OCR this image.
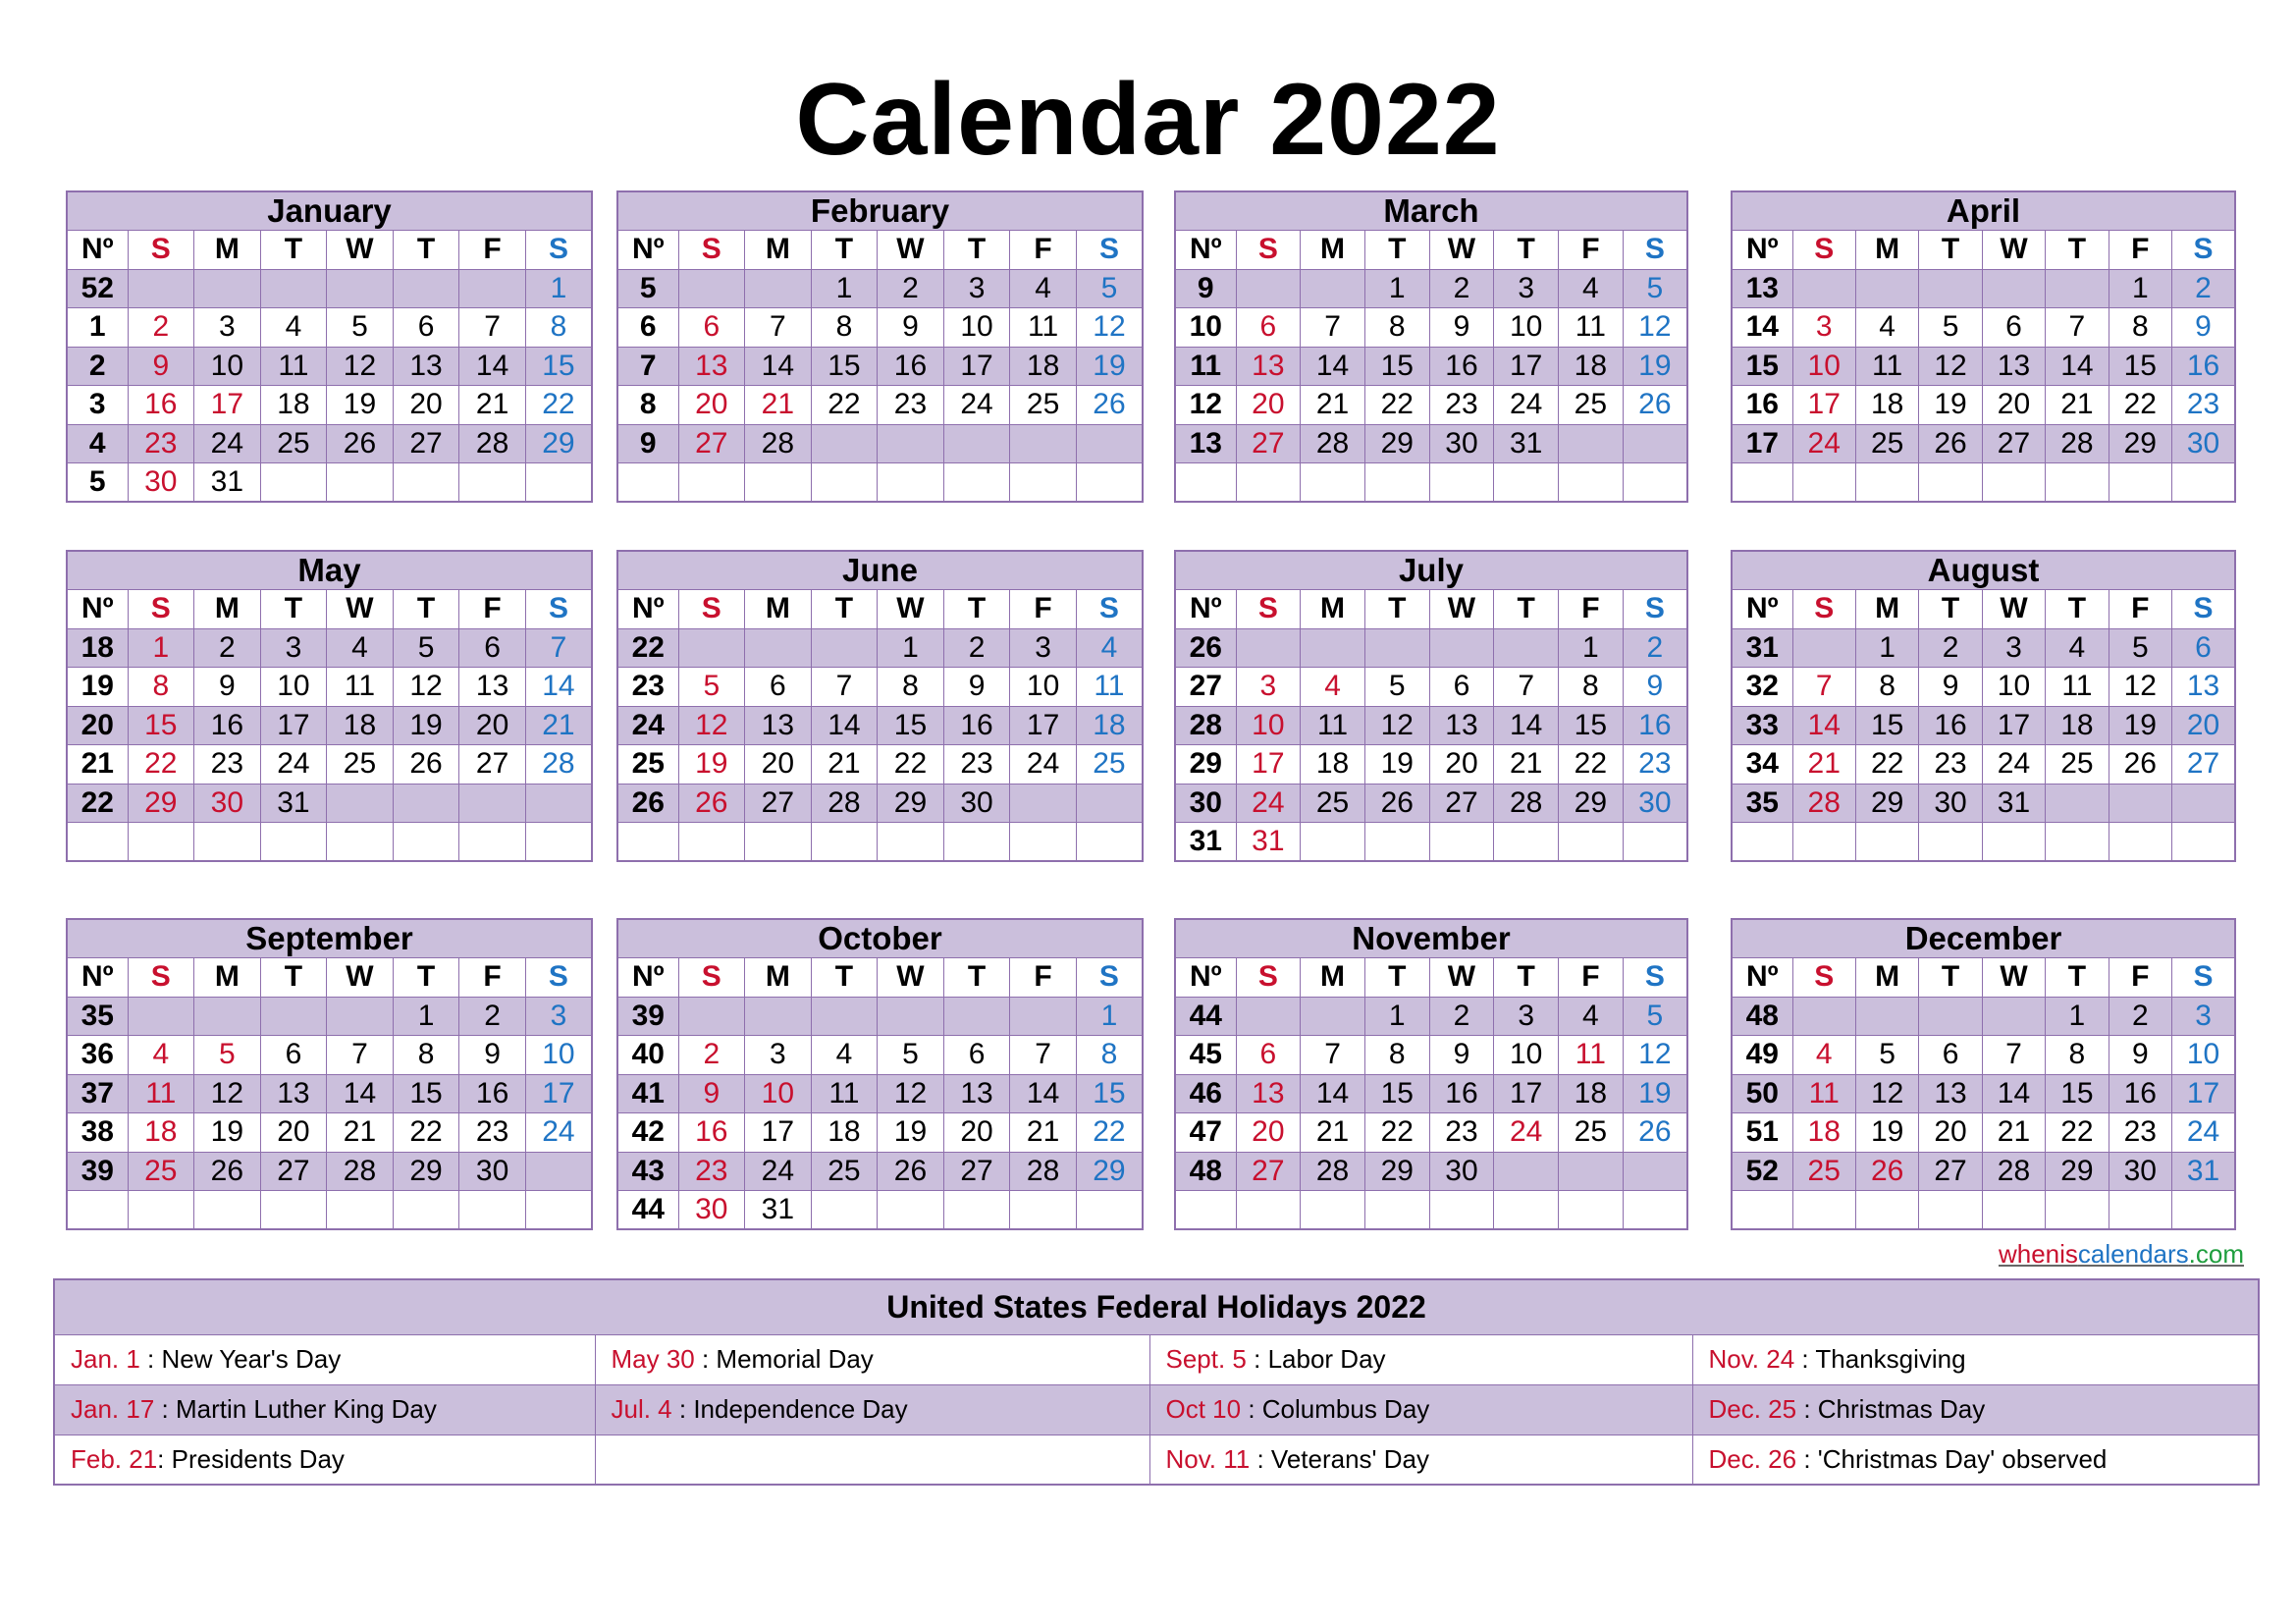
Calendar 2022
January							
Nº	S	M	T	W	T	F	S
52							1
1	2	3	4	5	6	7	8
2	9	10	11	12	13	14	15
3	16	17	18	19	20	21	22
4	23	24	25	26	27	28	29
5	30	31					
February							
Nº	S	M	T	W	T	F	S
5			1	2	3	4	5
6	6	7	8	9	10	11	12
7	13	14	15	16	17	18	19
8	20	21	22	23	24	25	26
9	27	28					

March							
Nº	S	M	T	W	T	F	S
9			1	2	3	4	5
10	6	7	8	9	10	11	12
11	13	14	15	16	17	18	19
12	20	21	22	23	24	25	26
13	27	28	29	30	31		

April							
Nº	S	M	T	W	T	F	S
13						1	2
14	3	4	5	6	7	8	9
15	10	11	12	13	14	15	16
16	17	18	19	20	21	22	23
17	24	25	26	27	28	29	30

May							
Nº	S	M	T	W	T	F	S
18	1	2	3	4	5	6	7
19	8	9	10	11	12	13	14
20	15	16	17	18	19	20	21
21	22	23	24	25	26	27	28
22	29	30	31				

June							
Nº	S	M	T	W	T	F	S
22				1	2	3	4
23	5	6	7	8	9	10	11
24	12	13	14	15	16	17	18
25	19	20	21	22	23	24	25
26	26	27	28	29	30		

July							
Nº	S	M	T	W	T	F	S
26						1	2
27	3	4	5	6	7	8	9
28	10	11	12	13	14	15	16
29	17	18	19	20	21	22	23
30	24	25	26	27	28	29	30
31	31						
August							
Nº	S	M	T	W	T	F	S
31		1	2	3	4	5	6
32	7	8	9	10	11	12	13
33	14	15	16	17	18	19	20
34	21	22	23	24	25	26	27
35	28	29	30	31			

September							
Nº	S	M	T	W	T	F	S
35					1	2	3
36	4	5	6	7	8	9	10
37	11	12	13	14	15	16	17
38	18	19	20	21	22	23	24
39	25	26	27	28	29	30	

October							
Nº	S	M	T	W	T	F	S
39							1
40	2	3	4	5	6	7	8
41	9	10	11	12	13	14	15
42	16	17	18	19	20	21	22
43	23	24	25	26	27	28	29
44	30	31					
November							
Nº	S	M	T	W	T	F	S
44			1	2	3	4	5
45	6	7	8	9	10	11	12
46	13	14	15	16	17	18	19
47	20	21	22	23	24	25	26
48	27	28	29	30			

December							
Nº	S	M	T	W	T	F	S
48					1	2	3
49	4	5	6	7	8	9	10
50	11	12	13	14	15	16	17
51	18	19	20	21	22	23	24
52	25	26	27	28	29	30	31

wheniscalendars.com
United States Federal Holidays 2022			
Jan. 1 : New Year's Day	May 30 : Memorial Day	Sept. 5 : Labor Day	Nov. 24 : Thanksgiving
Jan. 17 : Martin Luther King Day	Jul. 4 : Independence Day	Oct 10 : Columbus Day	Dec. 25 : Christmas Day
Feb. 21: Presidents Day		Nov. 11 : Veterans' Day	Dec. 26 : 'Christmas Day' observed
